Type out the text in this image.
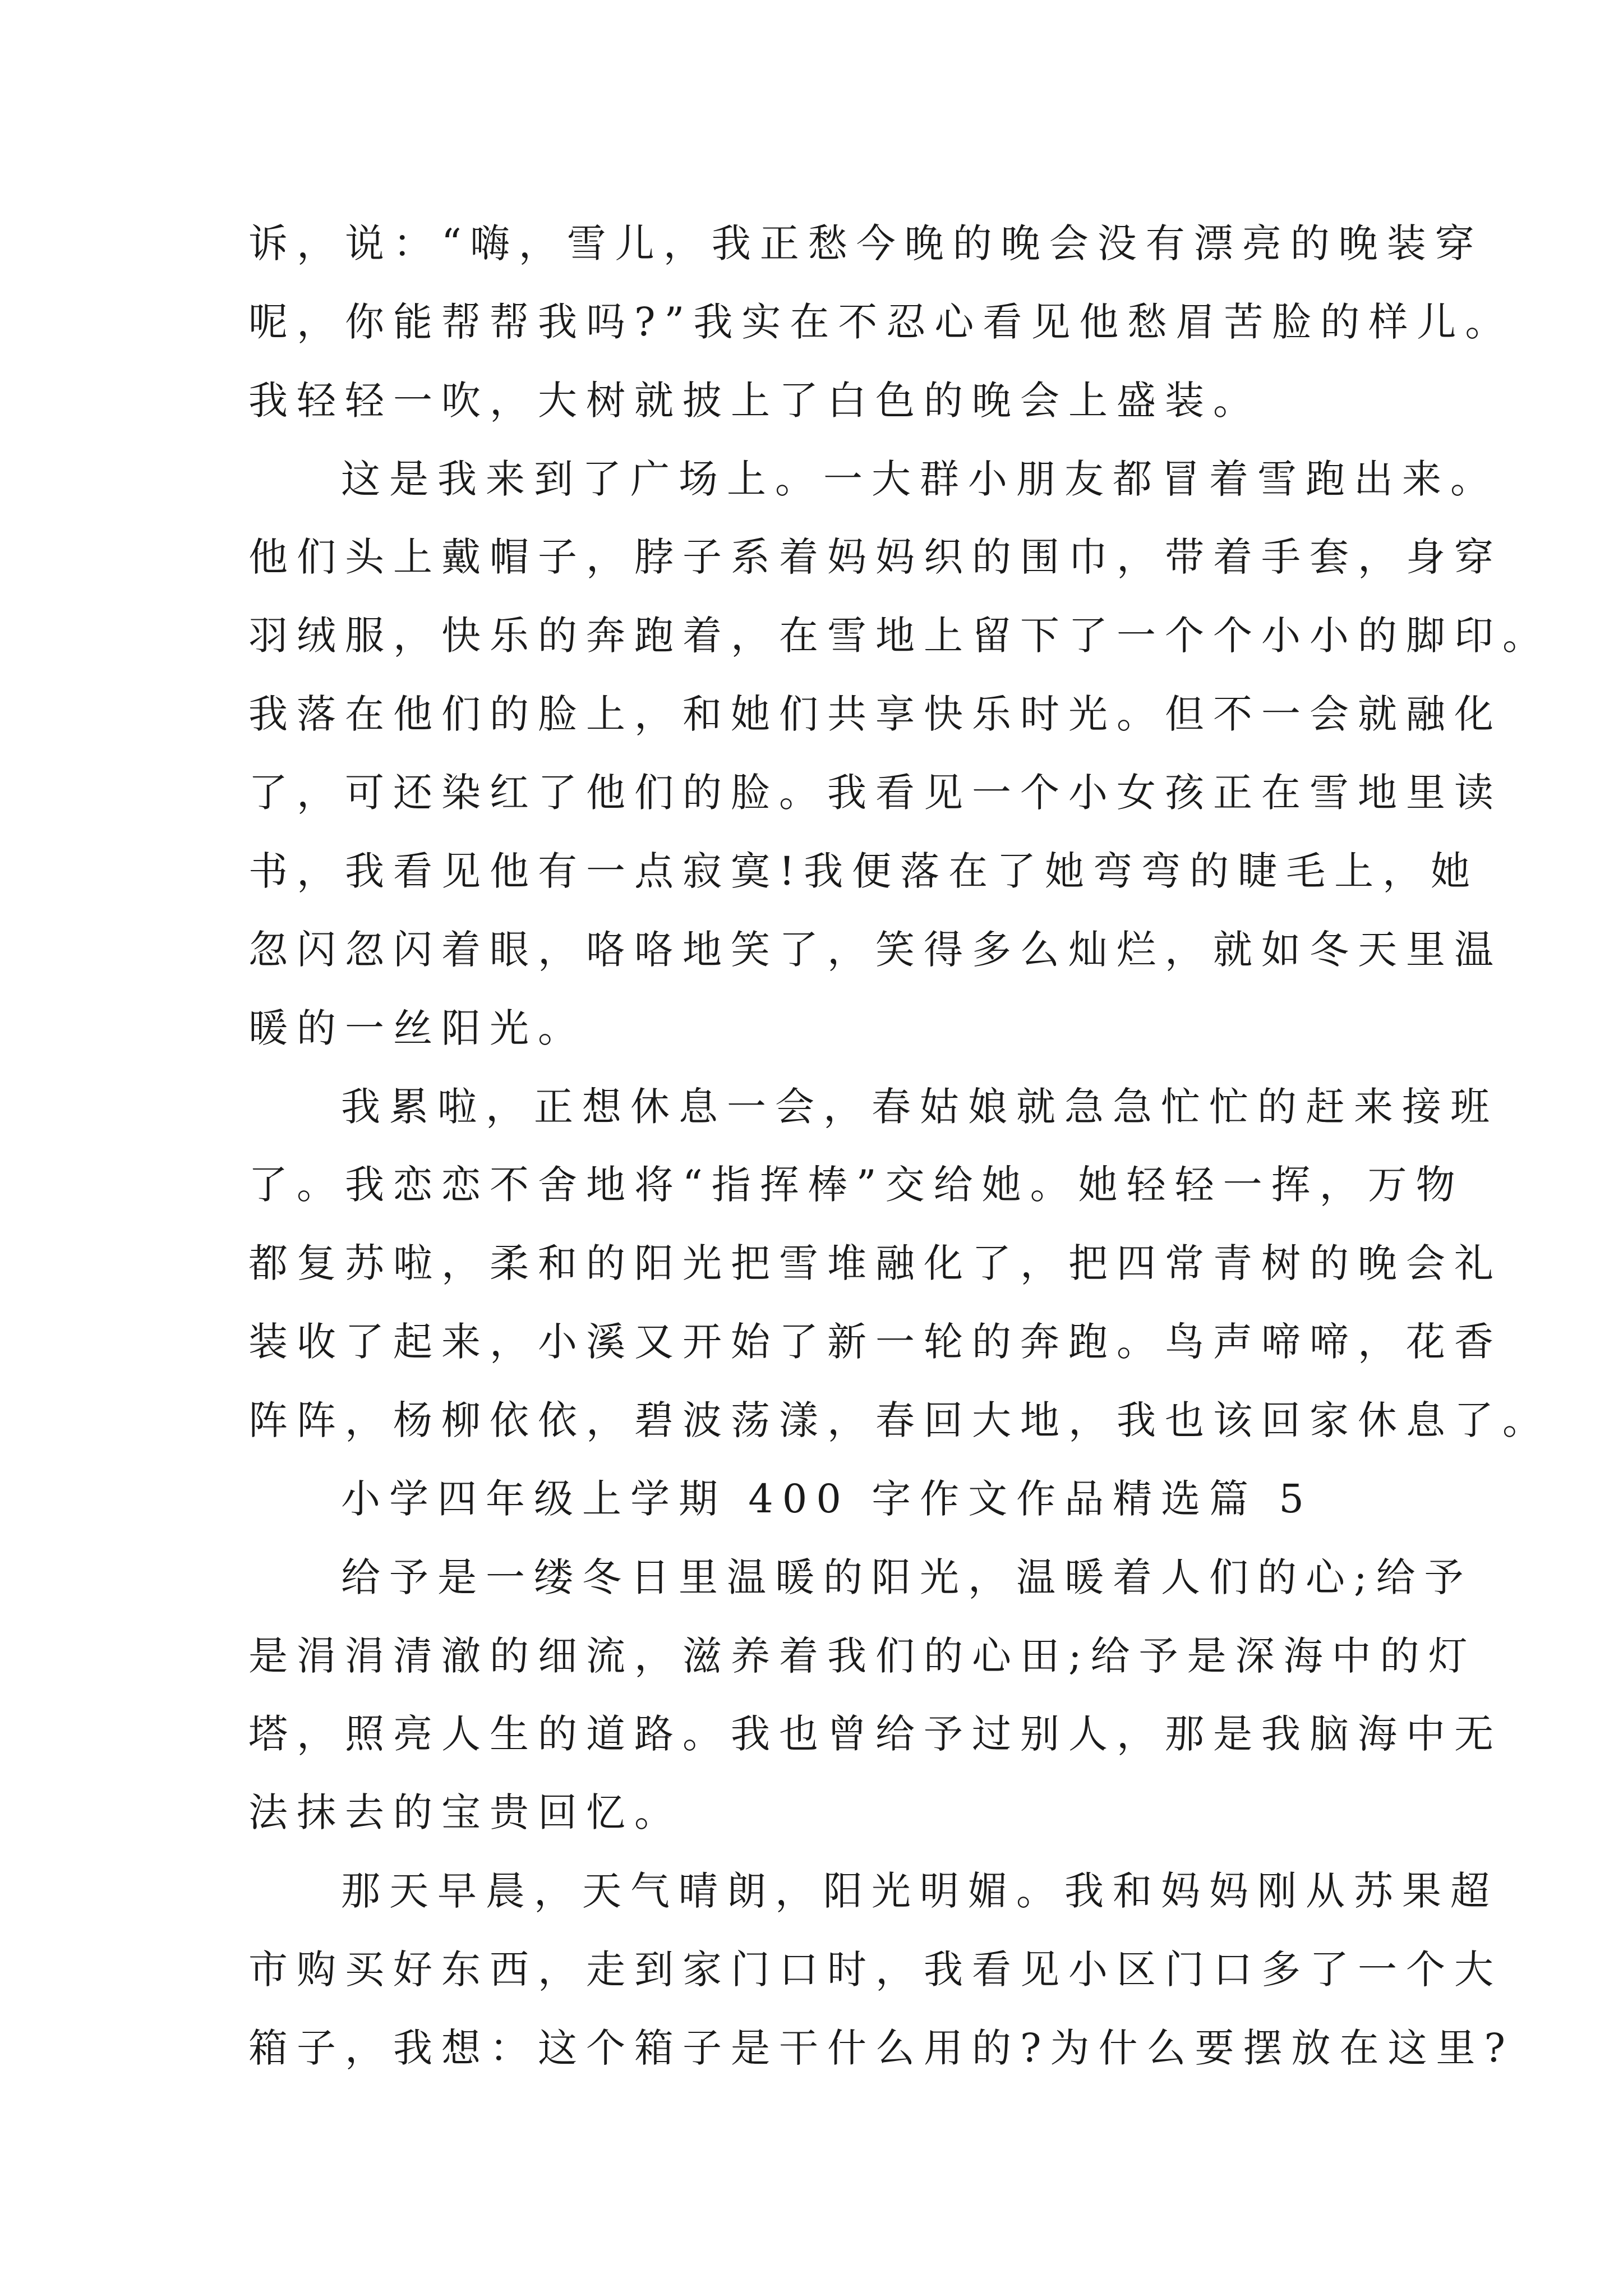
诉，说：“嗨，雪儿，我正愁今晚的晚会没有漂亮的晚装穿
呢，你能帮帮我吗?”我实在不忍心看见他愁眉苦脸的样儿。
我轻轻一吹，大树就披上了白色的晚会上盛装。
这是我来到了广场上。一大群小朋友都冒着雪跑出来。
他们头上戴帽子，脖子系着妈妈织的围巾，带着手套，身穿
羽绒服，快乐的奔跑着，在雪地上留下了一个个小小的脚印。
我落在他们的脸上，和她们共享快乐时光。但不一会就融化
了，可还染红了他们的脸。我看见一个小女孩正在雪地里读
书，我看见他有一点寂寞!我便落在了她弯弯的睫毛上，她
忽闪忽闪着眼，咯咯地笑了，笑得多么灿烂，就如冬天里温
暖的一丝阳光。
我累啦，正想休息一会，春姑娘就急急忙忙的赶来接班
了。我恋恋不舍地将“指挥棒”交给她。她轻轻一挥，万物
都复苏啦，柔和的阳光把雪堆融化了，把四常青树的晚会礼
装收了起来，小溪又开始了新一轮的奔跑。鸟声啼啼，花香
阵阵，杨柳依依，碧波荡漾，春回大地，我也该回家休息了。
小学四年级上学期 400 字作文作品精选篇 5
给予是一缕冬日里温暖的阳光，温暖着人们的心;给予
是涓涓清澈的细流，滋养着我们的心田;给予是深海中的灯
塔，照亮人生的道路。我也曾给予过别人，那是我脑海中无
法抹去的宝贵回忆。
那天早晨，天气晴朗，阳光明媚。我和妈妈刚从苏果超
市购买好东西，走到家门口时，我看见小区门口多了一个大
箱子，我想：这个箱子是干什么用的?为什么要摆放在这里?
